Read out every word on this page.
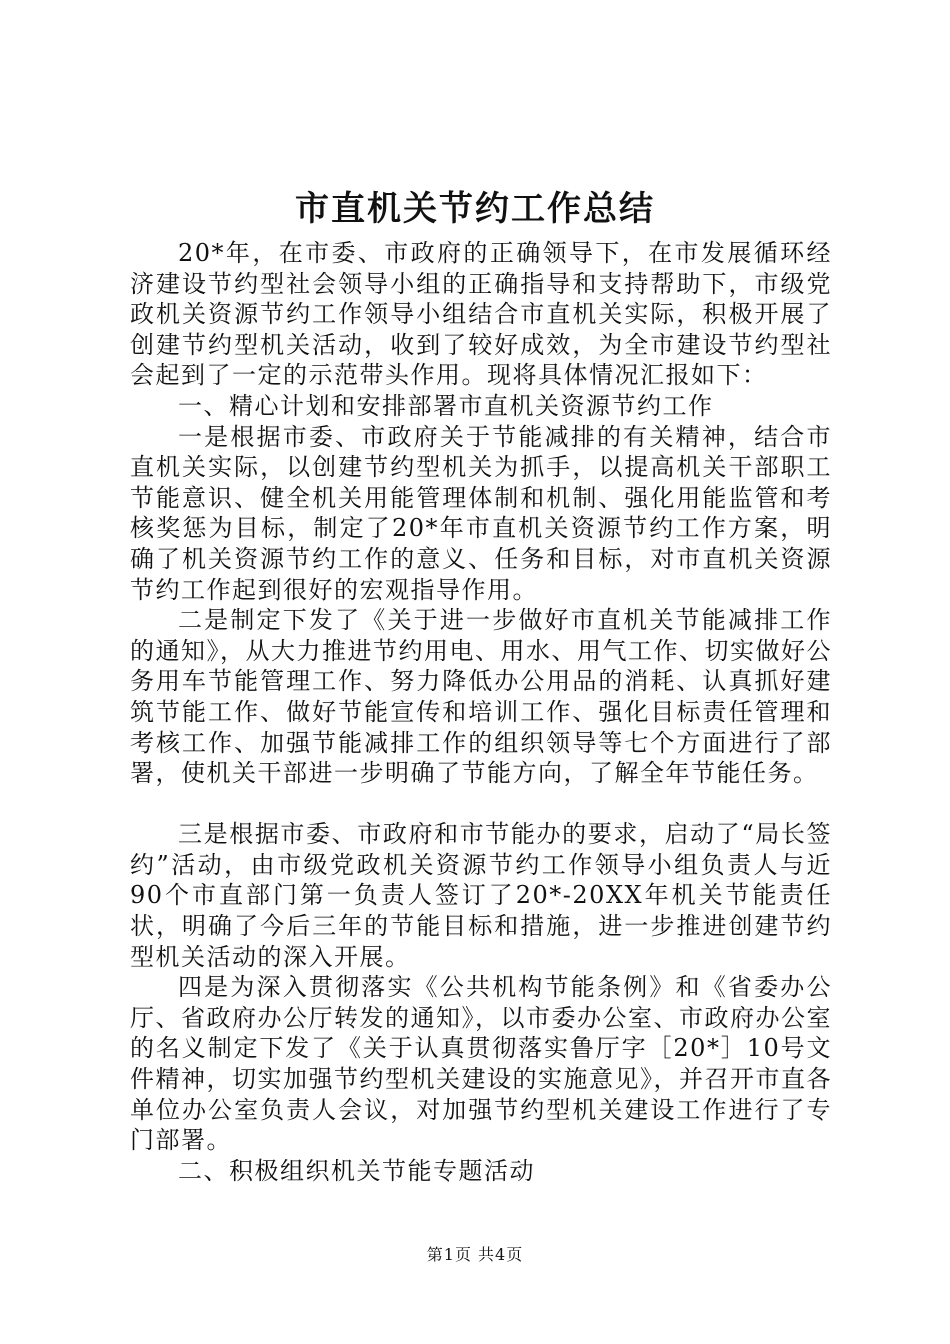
市直机关节约工作总结

20*年，在市委、市政府的正确领导下，在市发展循环经济建设节约型社会领导小组的正确指导和支持帮助下，市级党政机关资源节约工作领导小组结合市直机关实际，积极开展了创建节约型机关活动，收到了较好成效，为全市建设节约型社会起到了一定的示范带头作用。现将具体情况汇报如下：

一、精心计划和安排部署市直机关资源节约工作

一是根据市委、市政府关于节能减排的有关精神，结合市直机关实际，以创建节约型机关为抓手，以提高机关干部职工节能意识、健全机关用能管理体制和机制、强化用能监管和考核奖惩为目标，制定了20*年市直机关资源节约工作方案，明确了机关资源节约工作的意义、任务和目标，对市直机关资源节约工作起到很好的宏观指导作用。

二是制定下发了《关于进一步做好市直机关节能减排工作的通知》，从大力推进节约用电、用水、用气工作、切实做好公务用车节能管理工作、努力降低办公用品的消耗、认真抓好建筑节能工作、做好节能宣传和培训工作、强化目标责任管理和考核工作、加强节能减排工作的组织领导等七个方面进行了部署，使机关干部进一步明确了节能方向，了解全年节能任务。

三是根据市委、市政府和市节能办的要求，启动了“局长签约”活动，由市级党政机关资源节约工作领导小组负责人与近90个市直部门第一负责人签订了20*-20XX年机关节能责任状，明确了今后三年的节能目标和措施，进一步推进创建节约型机关活动的深入开展。

四是为深入贯彻落实《公共机构节能条例》和《省委办公厅、省政府办公厅转发的通知》，以市委办公室、市政府办公室的名义制定下发了《关于认真贯彻落实鲁厅字［20*］10号文件精神，切实加强节约型机关建设的实施意见》，并召开市直各单位办公室负责人会议，对加强节约型机关建设工作进行了专门部署。

二、积极组织机关节能专题活动

第1页 共4页
